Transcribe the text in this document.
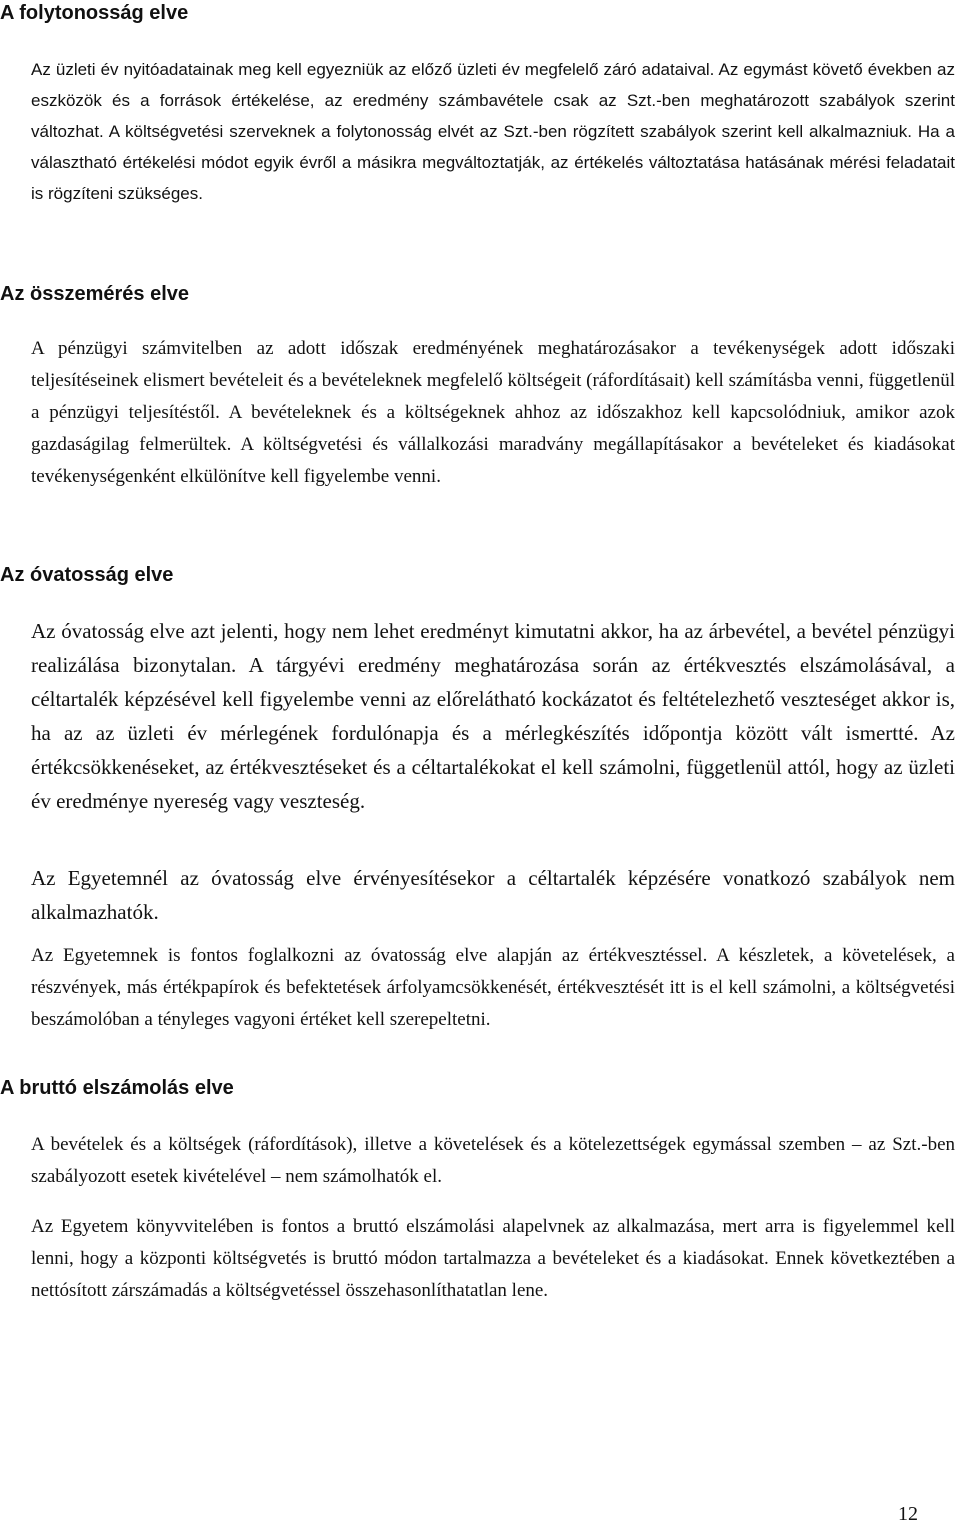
A folytonosság elve

Az üzleti év nyitóadatainak meg kell egyezniük az előző üzleti év megfelelő záró adataival. Az egymást követő években az eszközök és a források értékelése, az eredmény számbavétele csak az Szt.-ben meghatározott szabályok szerint változhat. A költségvetési szerveknek a folytonosság elvét az Szt.-ben rögzített szabályok szerint kell alkalmazniuk. Ha a választható értékelési módot egyik évről a másikra megváltoztatják, az értékelés változtatása hatásának mérési feladatait is rögzíteni szükséges.

Az összemérés elve

A pénzügyi számvitelben az adott időszak eredményének meghatározásakor a tevékenységek adott időszaki teljesítéseinek elismert bevételeit és a bevételeknek megfelelő költségeit (ráfordításait) kell számításba venni, függetlenül a pénzügyi teljesítéstől. A bevételeknek és a költségeknek ahhoz az időszakhoz kell kapcsolódniuk, amikor azok gazdaságilag felmerültek. A költségvetési és vállalkozási maradvány megállapításakor a bevételeket és kiadásokat tevékenységenként elkülönítve kell figyelembe venni.

Az óvatosság elve

Az óvatosság elve azt jelenti, hogy nem lehet eredményt kimutatni akkor, ha az árbevétel, a bevétel pénzügyi realizálása bizonytalan. A tárgyévi eredmény meghatározása során az értékvesztés elszámolásával, a céltartalék képzésével kell figyelembe venni az előrelátható kockázatot és feltételezhető veszteséget akkor is, ha az az üzleti év mérlegének fordulónapja és a mérlegkészítés időpontja között vált ismertté. Az értékcsökkenéseket, az értékvesztéseket és a céltartalékokat el kell számolni, függetlenül attól, hogy az üzleti év eredménye nyereség vagy veszteség.

Az Egyetemnél az óvatosság elve érvényesítésekor a céltartalék képzésére vonatkozó szabályok nem alkalmazhatók.

Az Egyetemnek is fontos foglalkozni az óvatosság elve alapján az értékvesztéssel. A készletek, a követelések, a részvények, más értékpapírok és befektetések árfolyamcsökkenését, értékvesztését itt is el kell számolni, a költségvetési beszámolóban a tényleges vagyoni értéket kell szerepeltetni.

A bruttó elszámolás elve

A bevételek és a költségek (ráfordítások), illetve a követelések és a kötelezettségek egymással szemben – az Szt.-ben szabályozott esetek kivételével – nem számolhatók el.

Az Egyetem könyvvitelében is fontos a bruttó elszámolási alapelvnek az alkalmazása, mert arra is figyelemmel kell lenni, hogy a központi költségvetés is bruttó módon tartalmazza a bevételeket és a kiadásokat. Ennek következtében a nettósított zárszámadás a költségvetéssel összehasonlíthatatlan lene.

12
